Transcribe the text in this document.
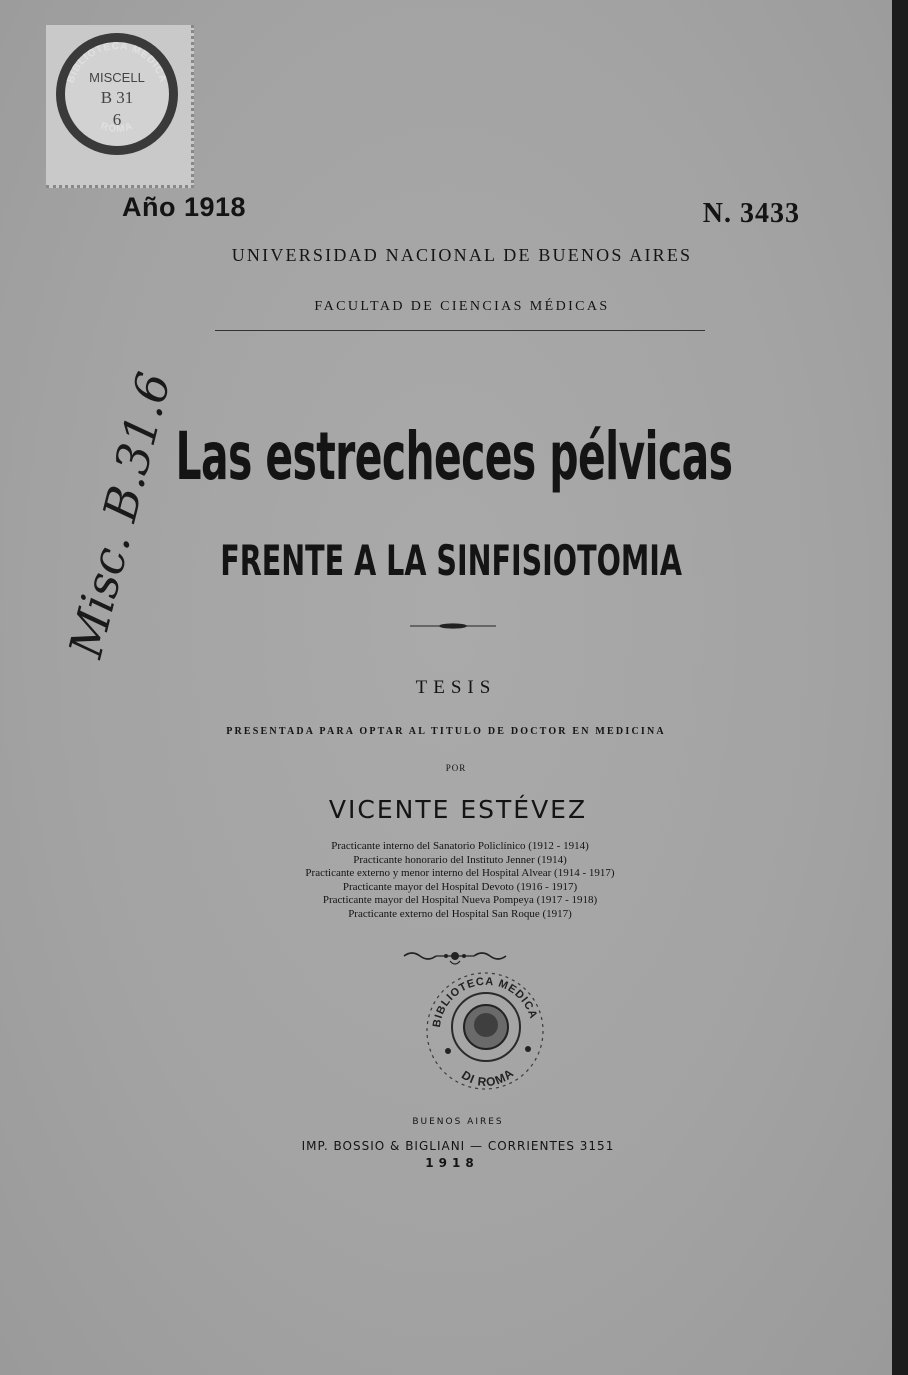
MISCELL
B 31
6
BIBLIOTECA MEDICA
ROMA
Año 1918	N. 3433
UNIVERSIDAD NACIONAL DE BUENOS AIRES
FACULTAD DE CIENCIAS MÉDICAS
Misc. B.31.6
Las estrecheces pélvicas
FRENTE A LA SINFISIOTOMIA
TESIS
PRESENTADA PARA OPTAR AL TITULO DE DOCTOR EN MEDICINA
POR
VICENTE ESTÉVEZ
Practicante interno del Sanatorio Policlínico (1912 - 1914)
Practicante honorario del Instituto Jenner (1914)
Practicante externo y menor interno del Hospital Alvear (1914 - 1917)
Practicante mayor del Hospital Devoto (1916 - 1917)
Practicante mayor del Hospital Nueva Pompeya (1917 - 1918)
Practicante externo del Hospital San Roque (1917)
BIBLIOTECA MEDICA
DI ROMA
BUENOS AIRES
IMP. BOSSIO & BIGLIANI — CORRIENTES 3151
1918
